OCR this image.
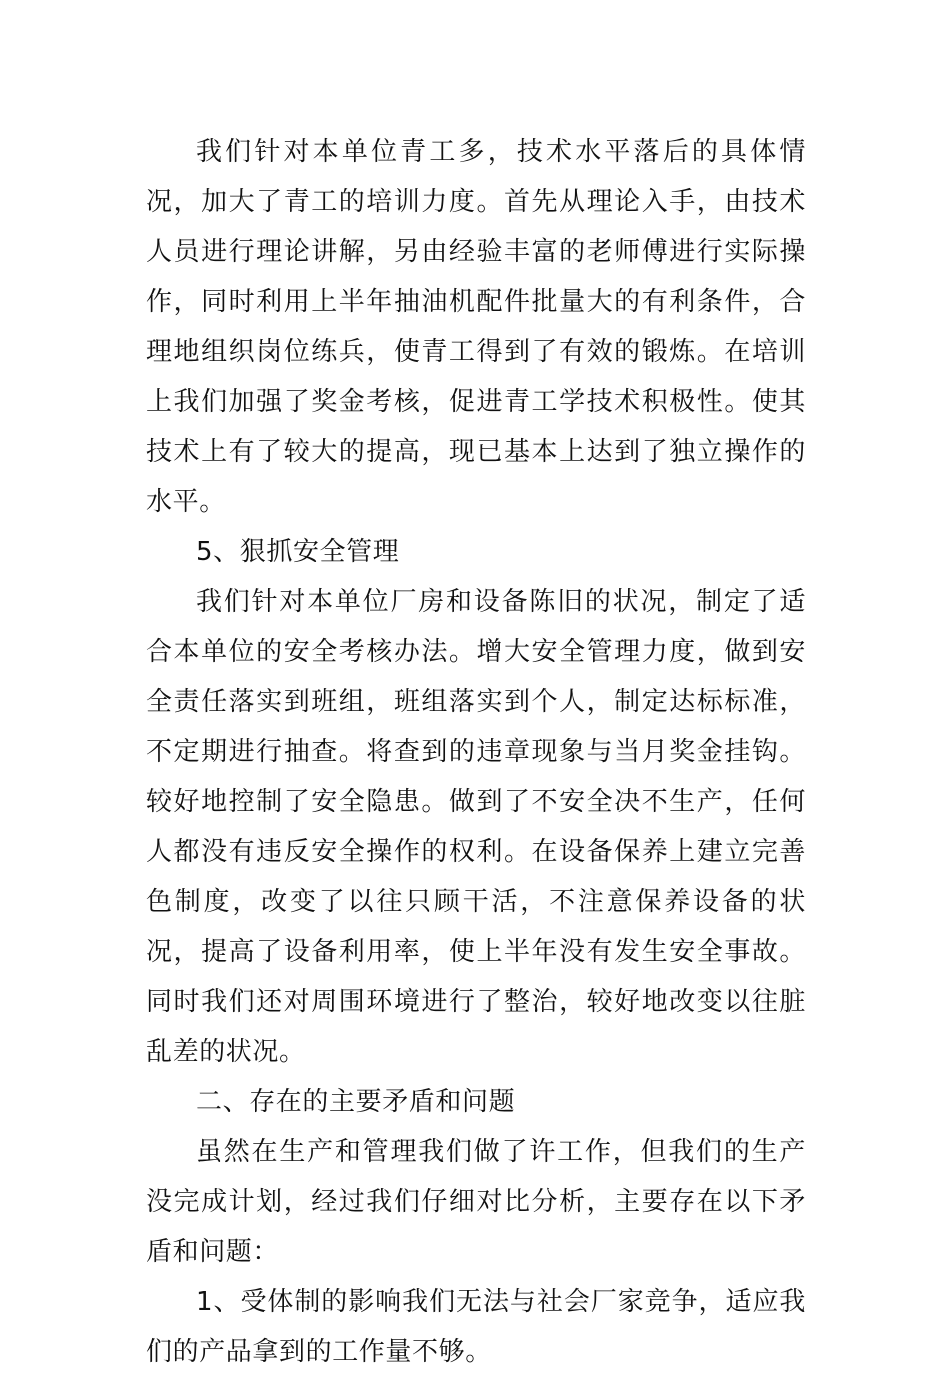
我们针对本单位青工多，技术水平落后的具体情况，加大了青工的培训力度。首先从理论入手，由技术人员进行理论讲解，另由经验丰富的老师傅进行实际操作，同时利用上半年抽油机配件批量大的有利条件，合理地组织岗位练兵，使青工得到了有效的锻炼。在培训上我们加强了奖金考核，促进青工学技术积极性。使其技术上有了较大的提高，现已基本上达到了独立操作的水平。

5、狠抓安全管理

我们针对本单位厂房和设备陈旧的状况，制定了适合本单位的安全考核办法。增大安全管理力度，做到安全责任落实到班组，班组落实到个人，制定达标标准，不定期进行抽查。将查到的违章现象与当月奖金挂钩。较好地控制了安全隐患。做到了不安全决不生产，任何人都没有违反安全操作的权利。在设备保养上建立完善色制度，改变了以往只顾干活，不注意保养设备的状况，提高了设备利用率，使上半年没有发生安全事故。同时我们还对周围环境进行了整治，较好地改变以往脏乱差的状况。

二、存在的主要矛盾和问题

虽然在生产和管理我们做了许工作，但我们的生产没完成计划，经过我们仔细对比分析，主要存在以下矛盾和问题：

1、受体制的影响我们无法与社会厂家竞争，适应我们的产品拿到的工作量不够。
